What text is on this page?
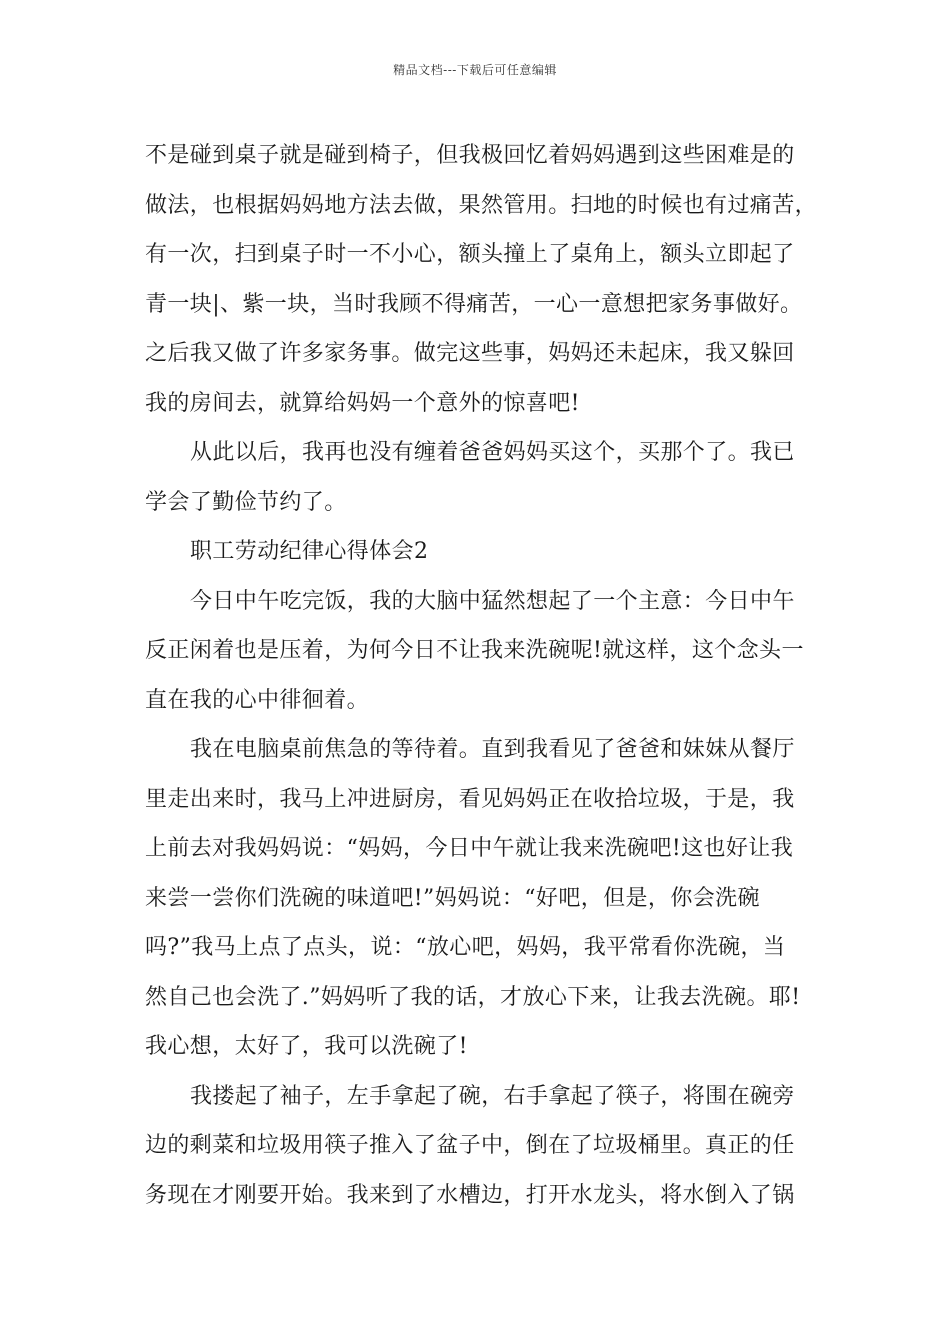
精品文档---下载后可任意编辑
不是碰到桌子就是碰到椅子，但我极回忆着妈妈遇到这些困难是的
做法，也根据妈妈地方法去做，果然管用。扫地的时候也有过痛苦，
有一次，扫到桌子时一不小心，额头撞上了桌角上，额头立即起了
青一块|、紫一块，当时我顾不得痛苦，一心一意想把家务事做好。
之后我又做了许多家务事。做完这些事，妈妈还未起床，我又躲回
我的房间去，就算给妈妈一个意外的惊喜吧!
从此以后，我再也没有缠着爸爸妈妈买这个，买那个了。我已
学会了勤俭节约了。
职工劳动纪律心得体会2
今日中午吃完饭，我的大脑中猛然想起了一个主意：今日中午
反正闲着也是压着，为何今日不让我来洗碗呢!就这样，这个念头一
直在我的心中徘徊着。
我在电脑桌前焦急的等待着。直到我看见了爸爸和妹妹从餐厅
里走出来时，我马上冲进厨房，看见妈妈正在收拾垃圾，于是，我
上前去对我妈妈说：“妈妈，今日中午就让我来洗碗吧!这也好让我
来尝一尝你们洗碗的味道吧!”妈妈说：“好吧，但是，你会洗碗
吗?”我马上点了点头，说：“放心吧，妈妈，我平常看你洗碗，当
然自己也会洗了.”妈妈听了我的话，才放心下来，让我去洗碗。耶!
我心想，太好了，我可以洗碗了!
我搂起了袖子，左手拿起了碗，右手拿起了筷子，将围在碗旁
边的剩菜和垃圾用筷子推入了盆子中，倒在了垃圾桶里。真正的任
务现在才刚要开始。我来到了水槽边，打开水龙头，将水倒入了锅
